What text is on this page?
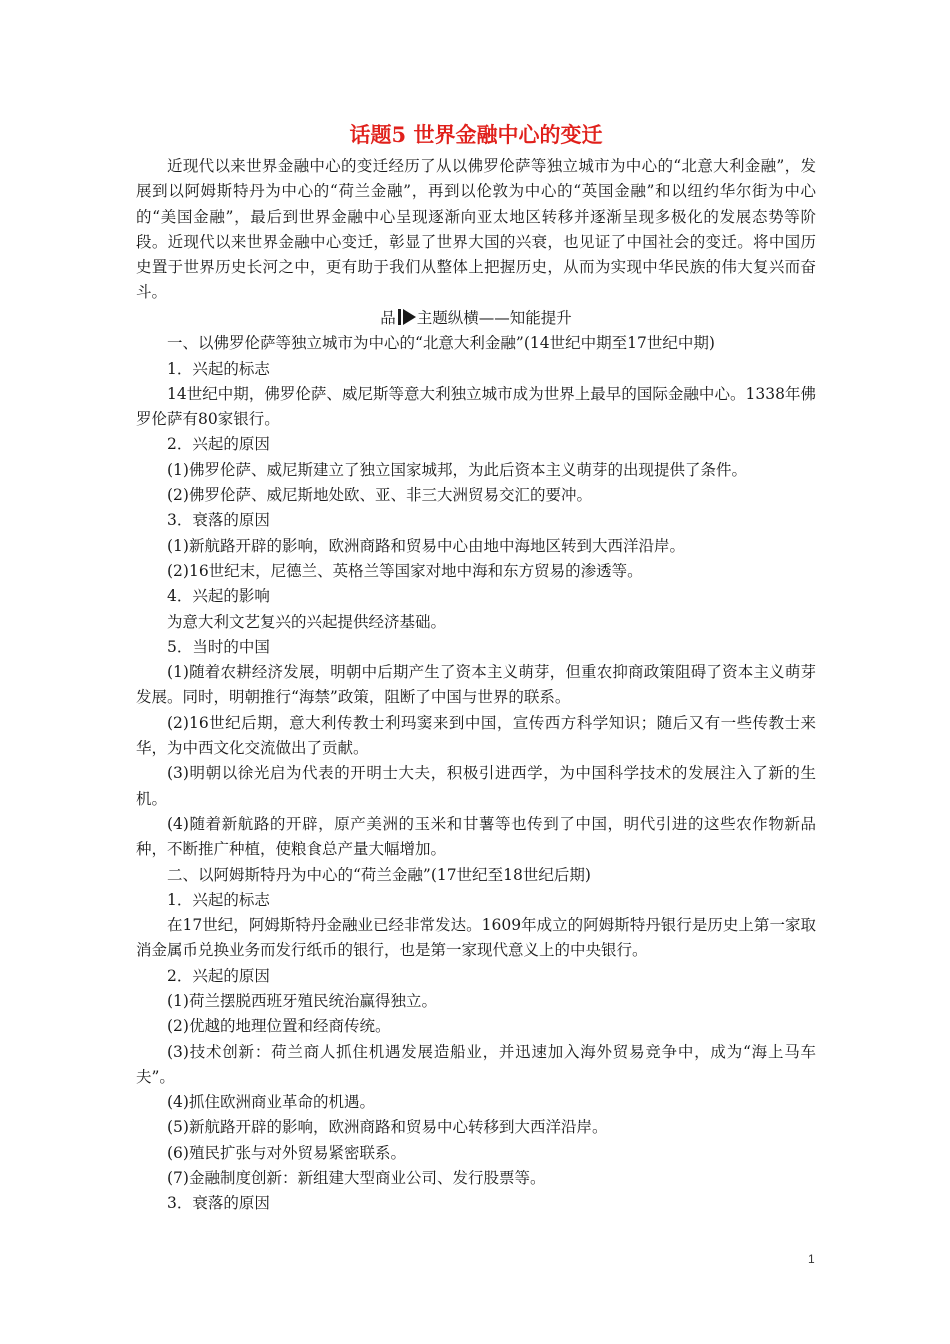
话题5 世界金融中心的变迁

近现代以来世界金融中心的变迁经历了从以佛罗伦萨等独立城市为中心的“北意大利金融”，发展到以阿姆斯特丹为中心的“荷兰金融”，再到以伦敦为中心的“英国金融”和以纽约华尔街为中心的“美国金融”，最后到世界金融中心呈现逐渐向亚太地区转移并逐渐呈现多极化的发展态势等阶段。近现代以来世界金融中心变迁，彰显了世界大国的兴衰，也见证了中国社会的变迁。将中国历史置于世界历史长河之中，更有助于我们从整体上把握历史，从而为实现中华民族的伟大复兴而奋斗。

品 主题纵横——知能提升

一、以佛罗伦萨等独立城市为中心的“北意大利金融”(14世纪中期至17世纪中期)

1．兴起的标志

14世纪中期，佛罗伦萨、威尼斯等意大利独立城市成为世界上最早的国际金融中心。1338年佛罗伦萨有80家银行。

2．兴起的原因

(1)佛罗伦萨、威尼斯建立了独立国家城邦，为此后资本主义萌芽的出现提供了条件。

(2)佛罗伦萨、威尼斯地处欧、亚、非三大洲贸易交汇的要冲。

3．衰落的原因

(1)新航路开辟的影响，欧洲商路和贸易中心由地中海地区转到大西洋沿岸。

(2)16世纪末，尼德兰、英格兰等国家对地中海和东方贸易的渗透等。

4．兴起的影响

为意大利文艺复兴的兴起提供经济基础。

5．当时的中国

(1)随着农耕经济发展，明朝中后期产生了资本主义萌芽，但重农抑商政策阻碍了资本主义萌芽发展。同时，明朝推行“海禁”政策，阻断了中国与世界的联系。

(2)16世纪后期，意大利传教士利玛窦来到中国，宣传西方科学知识；随后又有一些传教士来华，为中西文化交流做出了贡献。

(3)明朝以徐光启为代表的开明士大夫，积极引进西学，为中国科学技术的发展注入了新的生机。

(4)随着新航路的开辟，原产美洲的玉米和甘薯等也传到了中国，明代引进的这些农作物新品种，不断推广种植，使粮食总产量大幅增加。

二、以阿姆斯特丹为中心的“荷兰金融”(17世纪至18世纪后期)

1．兴起的标志

在17世纪，阿姆斯特丹金融业已经非常发达。1609年成立的阿姆斯特丹银行是历史上第一家取消金属币兑换业务而发行纸币的银行，也是第一家现代意义上的中央银行。

2．兴起的原因

(1)荷兰摆脱西班牙殖民统治赢得独立。

(2)优越的地理位置和经商传统。

(3)技术创新：荷兰商人抓住机遇发展造船业，并迅速加入海外贸易竞争中，成为“海上马车夫”。

(4)抓住欧洲商业革命的机遇。

(5)新航路开辟的影响，欧洲商路和贸易中心转移到大西洋沿岸。

(6)殖民扩张与对外贸易紧密联系。

(7)金融制度创新：新组建大型商业公司、发行股票等。

3．衰落的原因

1
